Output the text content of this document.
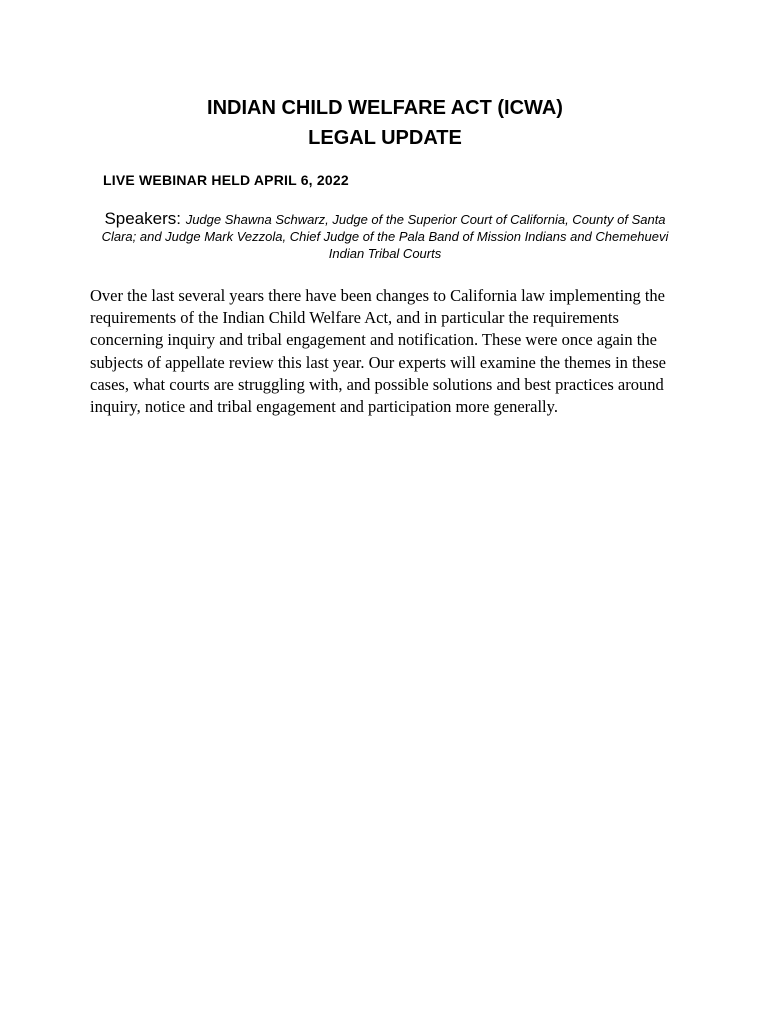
INDIAN CHILD WELFARE ACT (ICWA)
LEGAL UPDATE
LIVE WEBINAR HELD APRIL 6, 2022
Speakers: Judge Shawna Schwarz, Judge of the Superior Court of California, County of Santa Clara; and Judge Mark Vezzola, Chief Judge of the Pala Band of Mission Indians and Chemehuevi Indian Tribal Courts

Over the last several years there have been changes to California law implementing the requirements of the Indian Child Welfare Act, and in particular the requirements concerning inquiry and tribal engagement and notification. These were once again the subjects of appellate review this last year. Our experts will examine the themes in these cases, what courts are struggling with, and possible solutions and best practices around inquiry, notice and tribal engagement and participation more generally.
